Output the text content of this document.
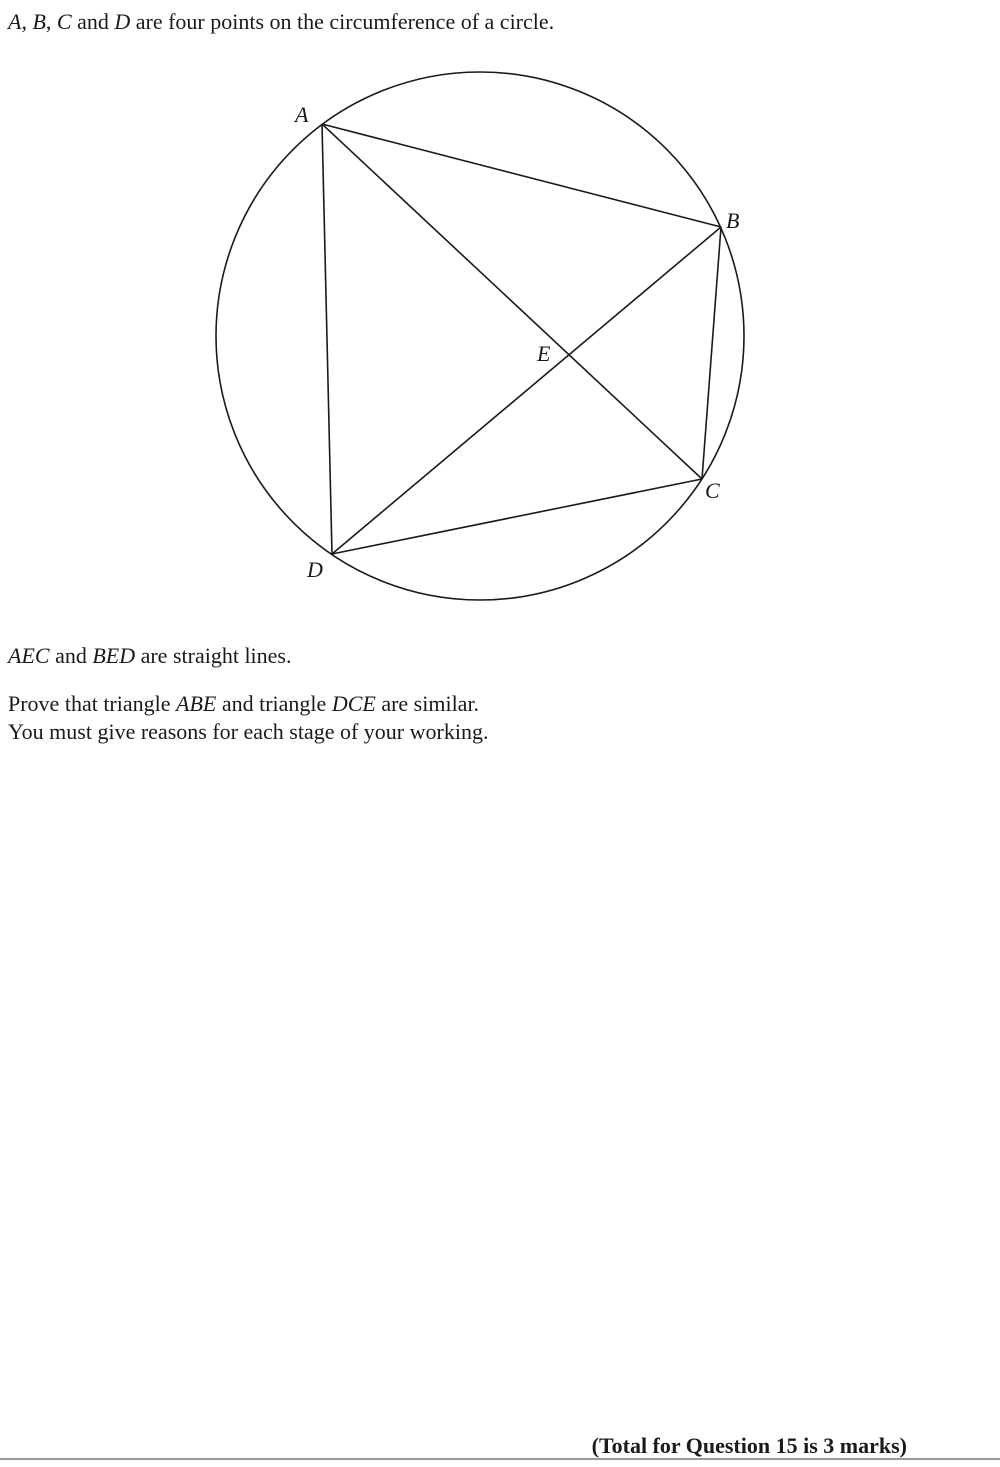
A, B, C and D are four points on the circumference of a circle.
A
B
C
D
E
AEC and BED are straight lines.
Prove that triangle ABE and triangle DCE are similar.
You must give reasons for each stage of your working.
(Total for Question 15 is 3 marks)
